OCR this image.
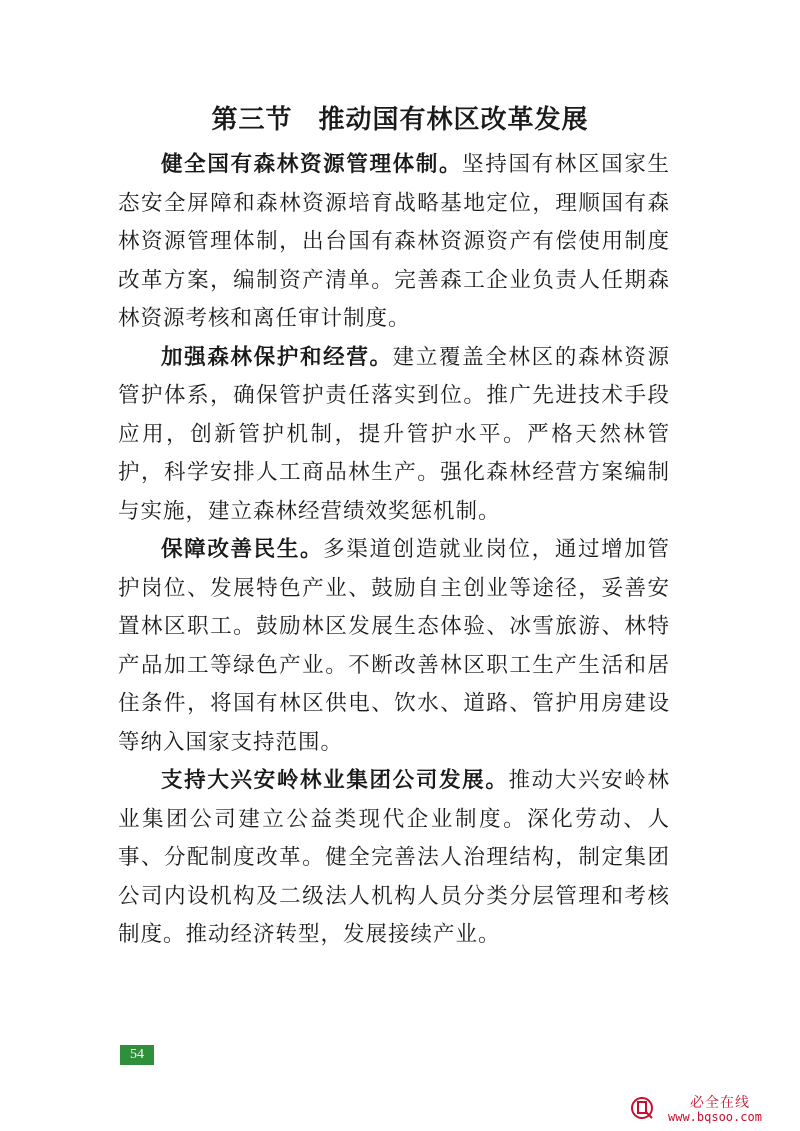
第三节 推动国有林区改革发展

健全国有森林资源管理体制。坚持国有林区国家生态安全屏障和森林资源培育战略基地定位，理顺国有森林资源管理体制，出台国有森林资源资产有偿使用制度改革方案，编制资产清单。完善森工企业负责人任期森林资源考核和离任审计制度。

加强森林保护和经营。建立覆盖全林区的森林资源管护体系，确保管护责任落实到位。推广先进技术手段应用，创新管护机制，提升管护水平。严格天然林管护，科学安排人工商品林生产。强化森林经营方案编制与实施，建立森林经营绩效奖惩机制。

保障改善民生。多渠道创造就业岗位，通过增加管护岗位、发展特色产业、鼓励自主创业等途径，妥善安置林区职工。鼓励林区发展生态体验、冰雪旅游、林特产品加工等绿色产业。不断改善林区职工生产生活和居住条件，将国有林区供电、饮水、道路、管护用房建设等纳入国家支持范围。

支持大兴安岭林业集团公司发展。推动大兴安岭林业集团公司建立公益类现代企业制度。深化劳动、人事、分配制度改革。健全完善法人治理结构，制定集团公司内设机构及二级法人机构人员分类分层管理和考核制度。推动经济转型，发展接续产业。

54
必全在线
www.bqsoo.com
